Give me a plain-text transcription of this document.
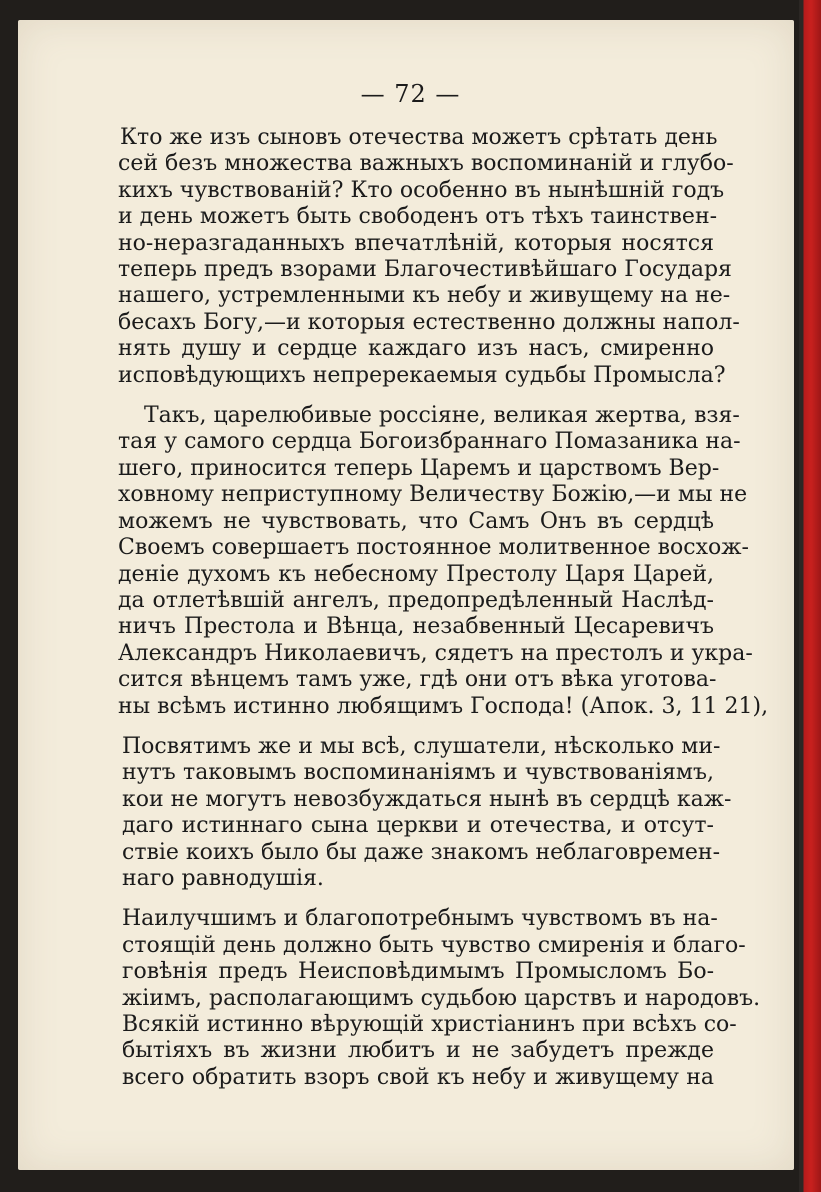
— 72 —
Кто же изъ сыновъ отечества можетъ срѣтать день
сей безъ множества важныхъ воспоминаній и глубо-
кихъ чувствованій? Кто особенно въ нынѣшній годъ
и день можетъ быть свободенъ отъ тѣхъ таинствен-
но-неразгаданныхъ впечатлѣній, которыя носятся
теперь предъ взорами Благочестивѣйшаго Государя
нашего, устремленными къ небу и живущему на не-
бесахъ Богу,—и которыя естественно должны напол-
нять душу и сердце каждаго изъ насъ, смиренно
исповѣдующихъ непререкаемыя судьбы Промысла?
Такъ, царелюбивые россіяне, великая жертва, взя-
тая у самого сердца Богоизбраннаго Помазаника на-
шего, приносится теперь Царемъ и царствомъ Вер-
ховному неприступному Величеству Божію,—и мы не
можемъ не чувствовать, что Самъ Онъ въ сердцѣ
Своемъ совершаетъ постоянное молитвенное восхож-
деніе духомъ къ небесному Престолу Царя Царей,
да отлетѣвшій ангелъ, предопредѣленный Наслѣд-
ничъ Престола и Вѣнца, незабвенный Цесаревичъ
Александръ Николаевичъ, сядетъ на престолъ и укра-
сится вѣнцемъ тамъ уже, гдѣ они отъ вѣка уготова-
ны всѣмъ истинно любящимъ Господа! (Апок. 3, 11 21),
Посвятимъ же и мы всѣ, слушатели, нѣсколько ми-
нутъ таковымъ воспоминаніямъ и чувствованіямъ,
кои не могутъ невозбуждаться нынѣ въ сердцѣ каж-
даго истиннаго сына церкви и отечества, и отсут-
ствіе коихъ было бы даже знакомъ неблаговремен-
наго равнодушія.
Наилучшимъ и благопотребнымъ чувствомъ въ на-
стоящій день должно быть чувство смиренія и благо-
говѣнія предъ Неисповѣдимымъ Промысломъ Бо-
жіимъ, располагающимъ судьбою царствъ и народовъ.
Всякій истинно вѣрующій христіанинъ при всѣхъ со-
бытіяхъ въ жизни любитъ и не забудетъ прежде
всего обратить взоръ свой къ небу и живущему на
